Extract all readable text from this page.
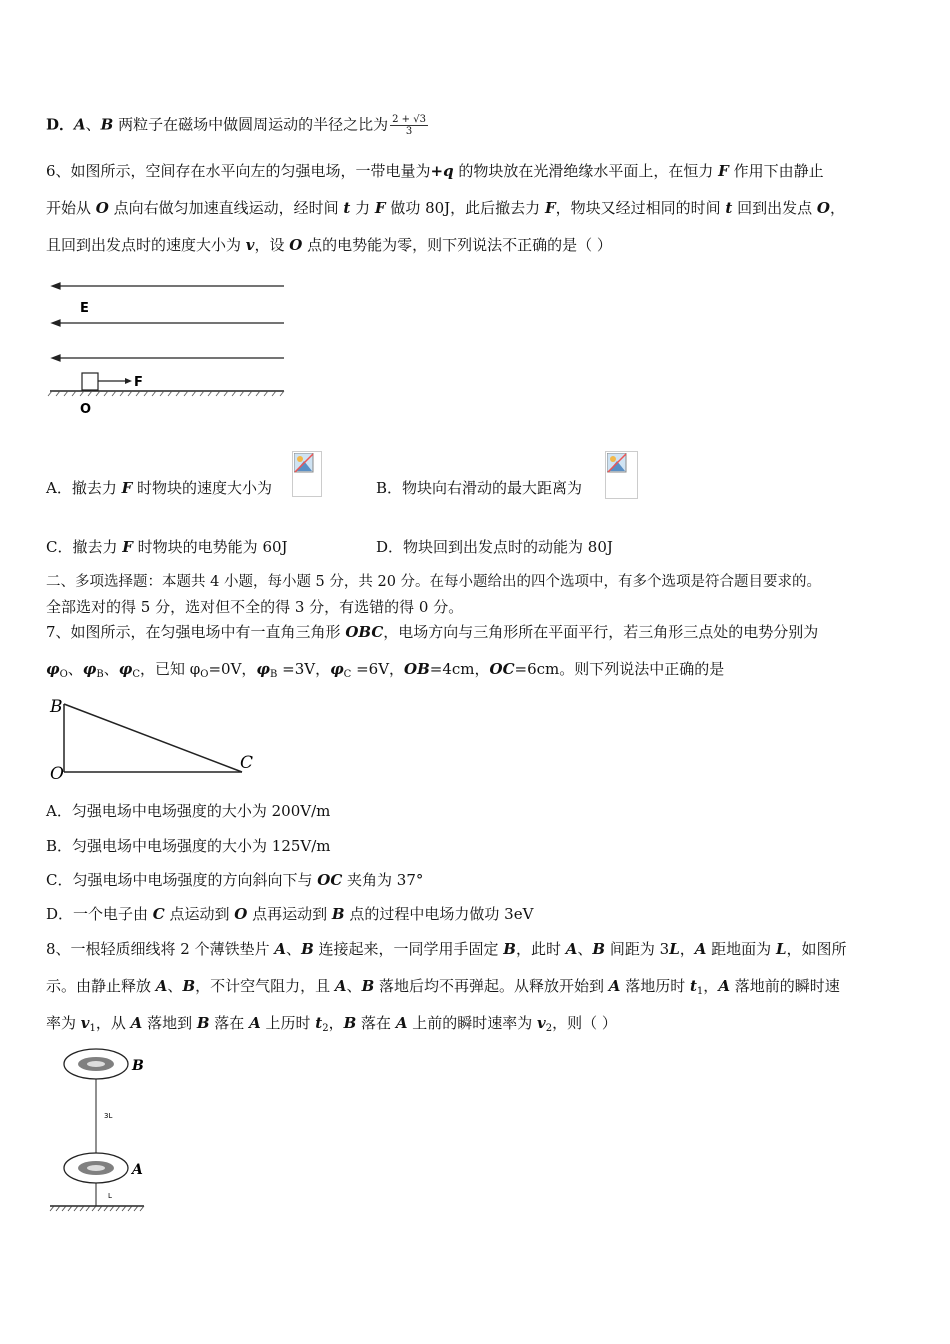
D．A、B 两粒子在磁场中做圆周运动的半径之比为 $\frac{2 + √3}{3}$
6、如图所示，空间存在水平向左的匀强电场，一带电量为+q 的物块放在光滑绝缘水平面上，在恒力 F 作用下由静止
开始从 O 点向右做匀加速直线运动，经时间 t 力 F 做功 80J，此后撤去力 F，物块又经过相同的时间 t 回到出发点 O，
且回到出发点时的速度大小为 v，设 O 点的电势能为零，则下列说法不正确的是（ ）
E
F
O
A．撤去力 F 时物块的速度大小为	B．物块向右滑动的最大距离为
C．撤去力 F 时物块的电势能为 60J	D．物块回到出发点时的动能为 80J
二、多项选择题：本题共 4 小题，每小题 5 分，共 20 分。在每小题给出的四个选项中，有多个选项是符合题目要求的。
全部选对的得 5 分，选对但不全的得 3 分，有选错的得 0 分。
7、如图所示，在匀强电场中有一直角三角形 OBC，电场方向与三角形所在平面平行，若三角形三点处的电势分别为
$\varphi_O$、$\varphi_B$、$\varphi_C$，已知 $\varphi_O=0V$，$\varphi_B =3V$，$\varphi_C =6V$，OB=4cm，OC=6cm。则下列说法中正确的是
B
O
C
A．匀强电场中电场强度的大小为 200V/m
B．匀强电场中电场强度的大小为 125V/m
C．匀强电场中电场强度的方向斜向下与 OC 夹角为 37°
D．一个电子由 C 点运动到 O 点再运动到 B 点的过程中电场力做功 3eV
8、一根轻质细线将 2 个薄铁垫片 A、B 连接起来，一同学用手固定 B，此时 A、B 间距为 3L，A 距地面为 L，如图所
示。由静止释放 A、B，不计空气阻力，且 A、B 落地后均不再弹起。从释放开始到 A 落地历时 $t_1$，A 落地前的瞬时速
率为 $v_1$，从 A 落地到 B 落在 A 上历时 $t_2$，B 落在 A 上前的瞬时速率为 $v_2$，则（ ）
B
3L
A
L
